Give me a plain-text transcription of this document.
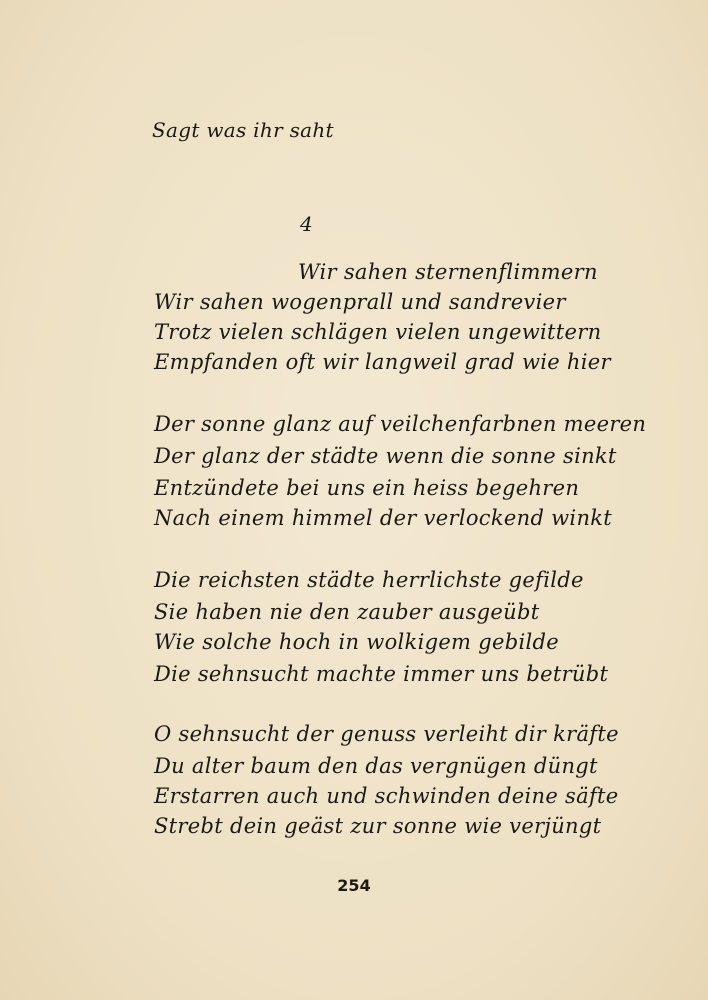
Sagt was ihr saht
4
Wir sahen sternenflimmern
Wir sahen wogenprall und sandrevier
Trotz vielen schlägen vielen ungewittern
Empfanden oft wir langweil grad wie hier
Der sonne glanz auf veilchenfarbnen meeren
Der glanz der städte wenn die sonne sinkt
Entzündete bei uns ein heiss begehren
Nach einem himmel der verlockend winkt
Die reichsten städte herrlichste gefilde
Sie haben nie den zauber ausgeübt
Wie solche hoch in wolkigem gebilde
Die sehnsucht machte immer uns betrübt
O sehnsucht der genuss verleiht dir kräfte
Du alter baum den das vergnügen düngt
Erstarren auch und schwinden deine säfte
Strebt dein geäst zur sonne wie verjüngt
254
